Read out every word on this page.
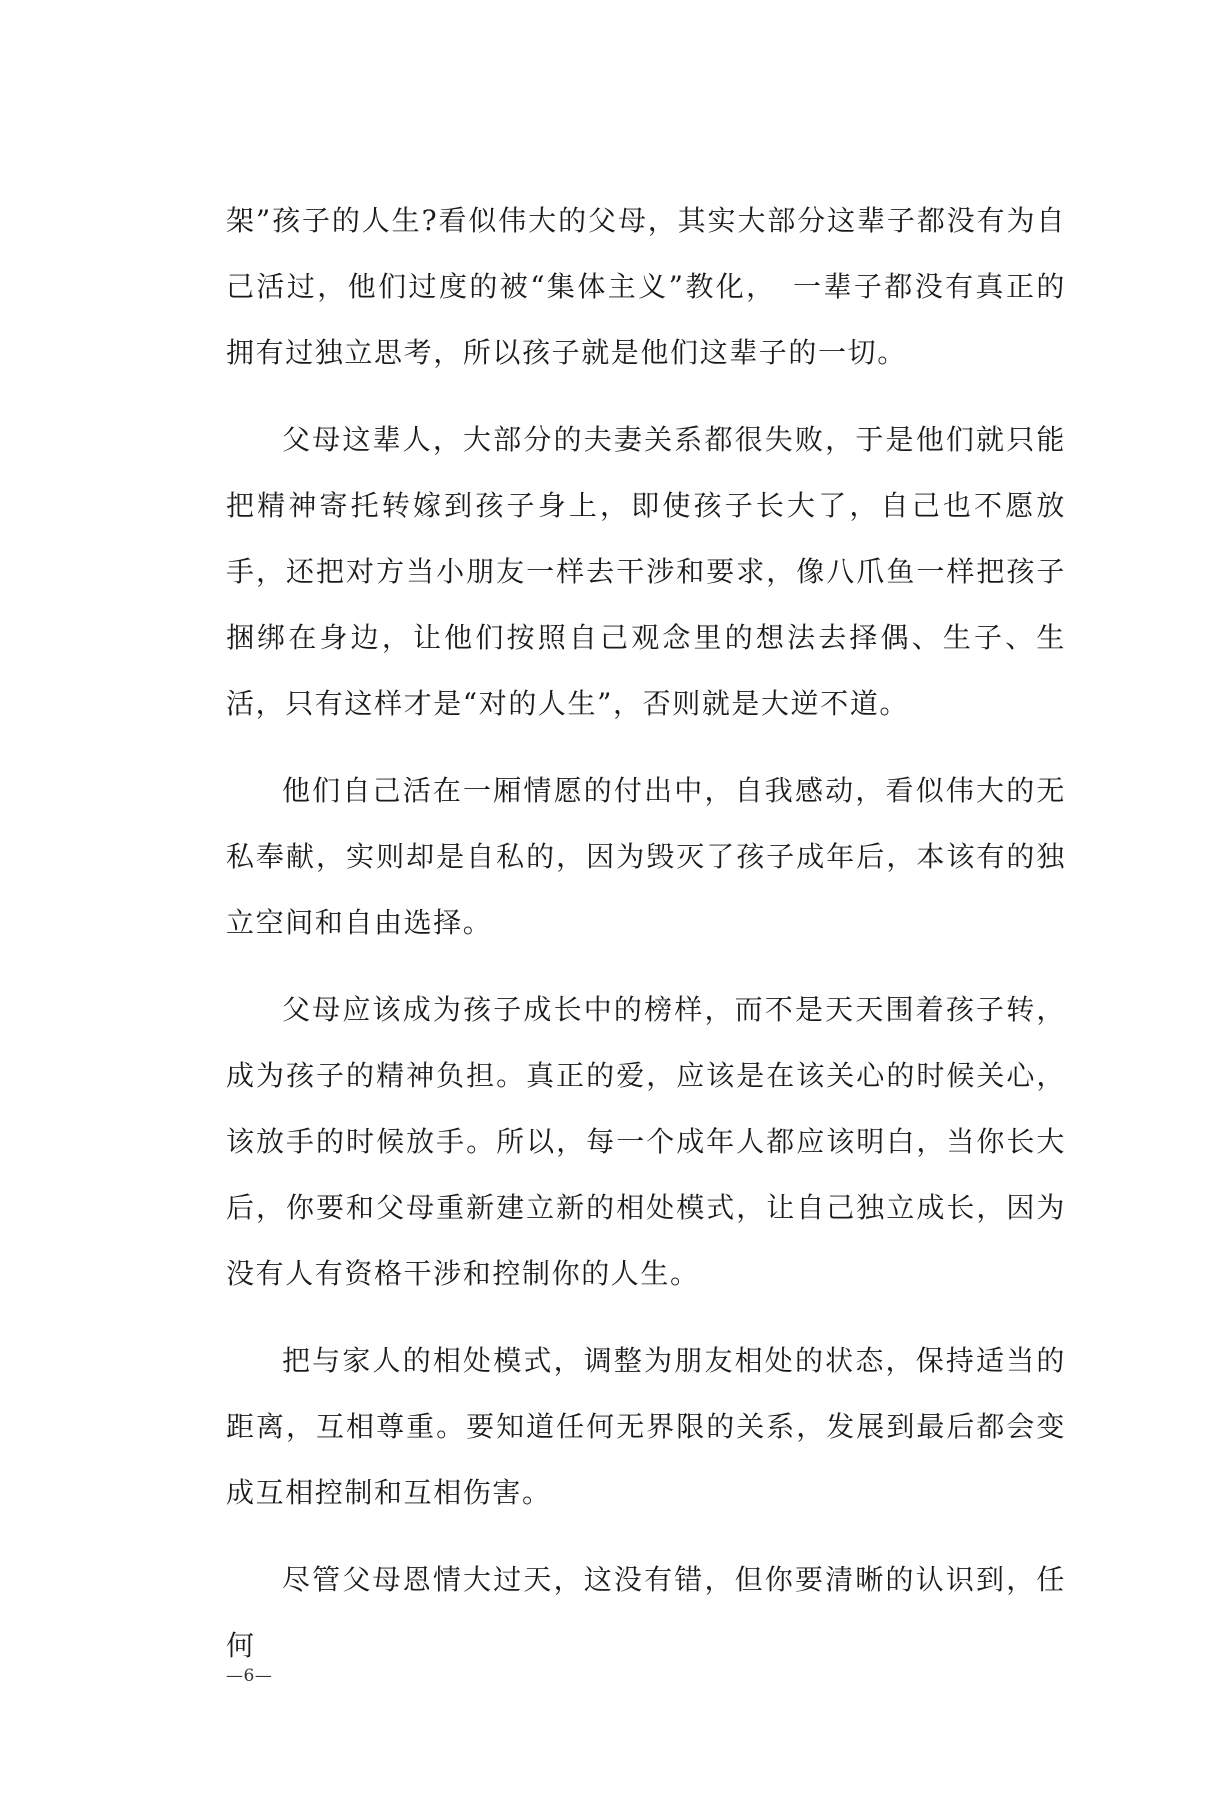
架”孩子的人生?看似伟大的父母，其实大部分这辈子都没有为自己活过，他们过度的被“集体主义”教化，　一辈子都没有真正的拥有过独立思考，所以孩子就是他们这辈子的一切。

父母这辈人，大部分的夫妻关系都很失败，于是他们就只能把精神寄托转嫁到孩子身上，即使孩子长大了，自己也不愿放手，还把对方当小朋友一样去干涉和要求，像八爪鱼一样把孩子捆绑在身边，让他们按照自己观念里的想法去择偶、生子、生活，只有这样才是“对的人生”，否则就是大逆不道。

他们自己活在一厢情愿的付出中，自我感动，看似伟大的无私奉献，实则却是自私的，因为毁灭了孩子成年后，本该有的独立空间和自由选择。

父母应该成为孩子成长中的榜样，而不是天天围着孩子转，成为孩子的精神负担。真正的爱，应该是在该关心的时候关心，该放手的时候放手。所以，每一个成年人都应该明白，当你长大后，你要和父母重新建立新的相处模式，让自己独立成长，因为没有人有资格干涉和控制你的人生。

把与家人的相处模式，调整为朋友相处的状态，保持适当的距离，互相尊重。要知道任何无界限的关系，发展到最后都会变成互相控制和互相伤害。

尽管父母恩情大过天，这没有错，但你要清晰的认识到，任何

—6—
